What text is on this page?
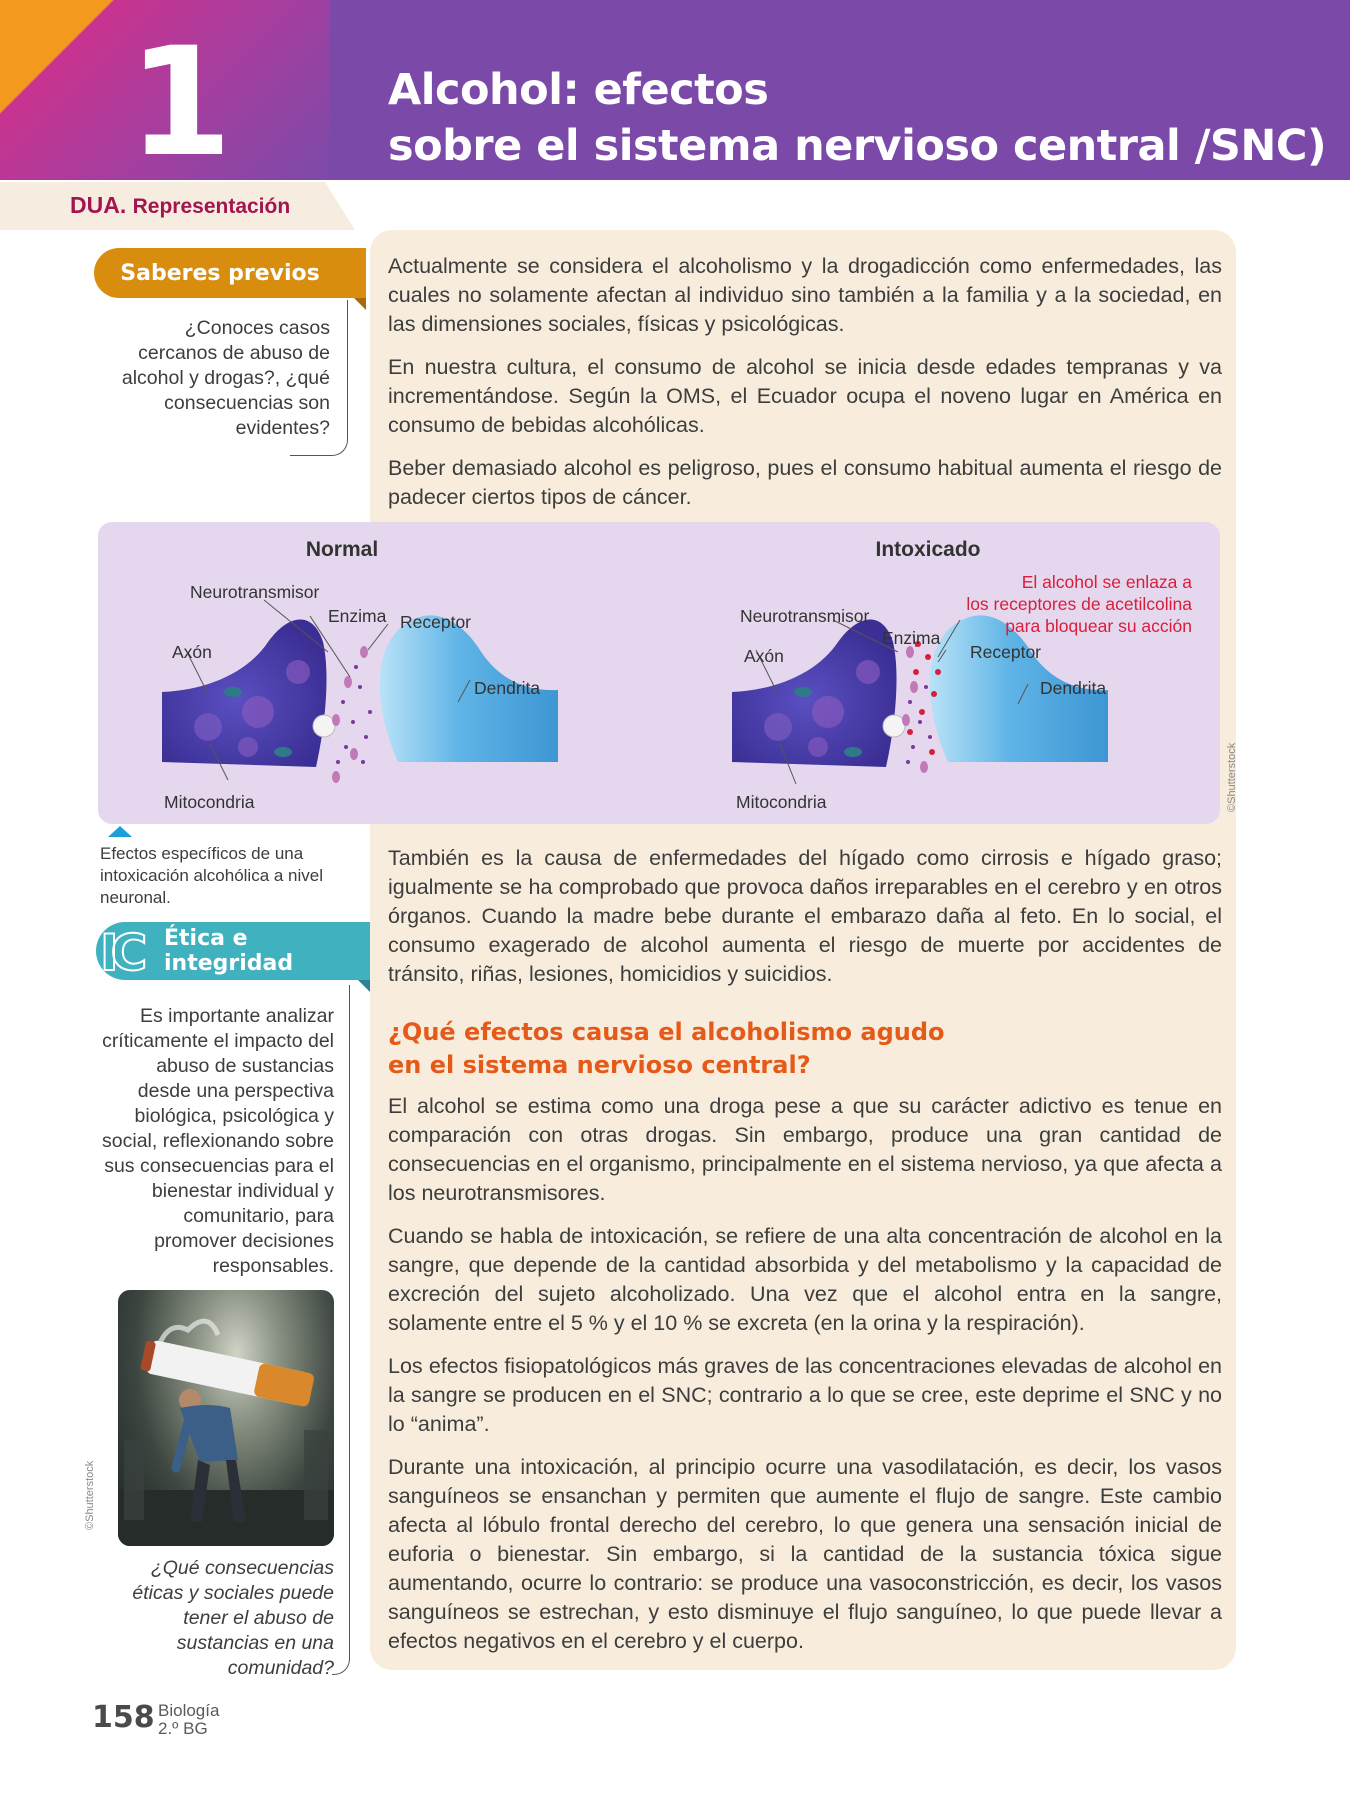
1	Alcohol: efectos
sobre el sistema nervioso central /SNC)
DUA. Representación

Actualmente se considera el alcoholismo y la drogadicción como enfermedades, las cuales no solamente afectan al individuo sino también a la familia y a la sociedad, en las dimensiones sociales, físicas y psicológicas.

En nuestra cultura, el consumo de alcohol se inicia desde edades tempranas y va incrementándose. Según la OMS, el Ecuador ocupa el noveno lugar en América en consumo de bebidas alcohólicas.

Beber demasiado alcohol es peligroso, pues el consumo habitual aumenta el riesgo de padecer ciertos tipos de cáncer.

Saberes previos
¿Conoces casos cercanos de abuso de alcohol y drogas?, ¿qué consecuencias son evidentes?
Normal	Intoxicado
Neurotransmisor
Enzima Receptor
Axón
Dendrita
Mitocondria
Neurotransmisor
Enzima
Receptor
Axón
Dendrita
Mitocondria
El alcohol se enlaza a
los receptores de acetilcolina
para bloquear su acción
©Shutterstock
Efectos específicos de una intoxicación alcohólica a nivel neuronal.

También es la causa de enfermedades del hígado como cirrosis e hígado graso; igualmente se ha comprobado que provoca daños irreparables en el cerebro y en otros órganos. Cuando la madre bebe durante el embarazo daña al feto. En lo social, el consumo exagerado de alcohol aumenta el riesgo de muerte por accidentes de tránsito, riñas, lesiones, homicidios y suicidios.

Ética e integridad
IC
Es importante analizar críticamente el impacto del abuso de sustancias desde una perspectiva biológica, psicológica y social, reflexionando sobre sus consecuencias para el bienestar individual y comunitario, para promover decisiones responsables.
©Shutterstock
¿Qué consecuencias éticas y sociales puede tener el abuso de sustancias en una comunidad?
¿Qué efectos causa el alcoholismo agudo
en el sistema nervioso central?

El alcohol se estima como una droga pese a que su carácter adictivo es tenue en comparación con otras drogas. Sin embargo, produce una gran cantidad de consecuencias en el organismo, principalmente en el sistema nervioso, ya que afecta a los neurotransmisores.

Cuando se habla de intoxicación, se refiere de una alta concentración de alcohol en la sangre, que depende de la cantidad absorbida y del metabolismo y la capacidad de excreción del sujeto alcoholizado. Una vez que el alcohol entra en la sangre, solamente entre el 5 % y el 10 % se excreta (en la orina y la respiración).

Los efectos fisiopatológicos más graves de las concentraciones elevadas de alcohol en la sangre se producen en el SNC; contrario a lo que se cree, este deprime el SNC y no lo “anima”.

Durante una intoxicación, al principio ocurre una vasodilatación, es decir, los vasos sanguíneos se ensanchan y permiten que aumente el flujo de sangre. Este cambio afecta al lóbulo frontal derecho del cerebro, lo que genera una sensación inicial de euforia o bienestar. Sin embargo, si la cantidad de la sustancia tóxica sigue aumentando, ocurre lo contrario: se produce una vasoconstricción, es decir, los vasos sanguíneos se estrechan, y esto disminuye el flujo sanguíneo, lo que puede llevar a efectos negativos en el cerebro y el cuerpo.

158 Biología
2.º BG
